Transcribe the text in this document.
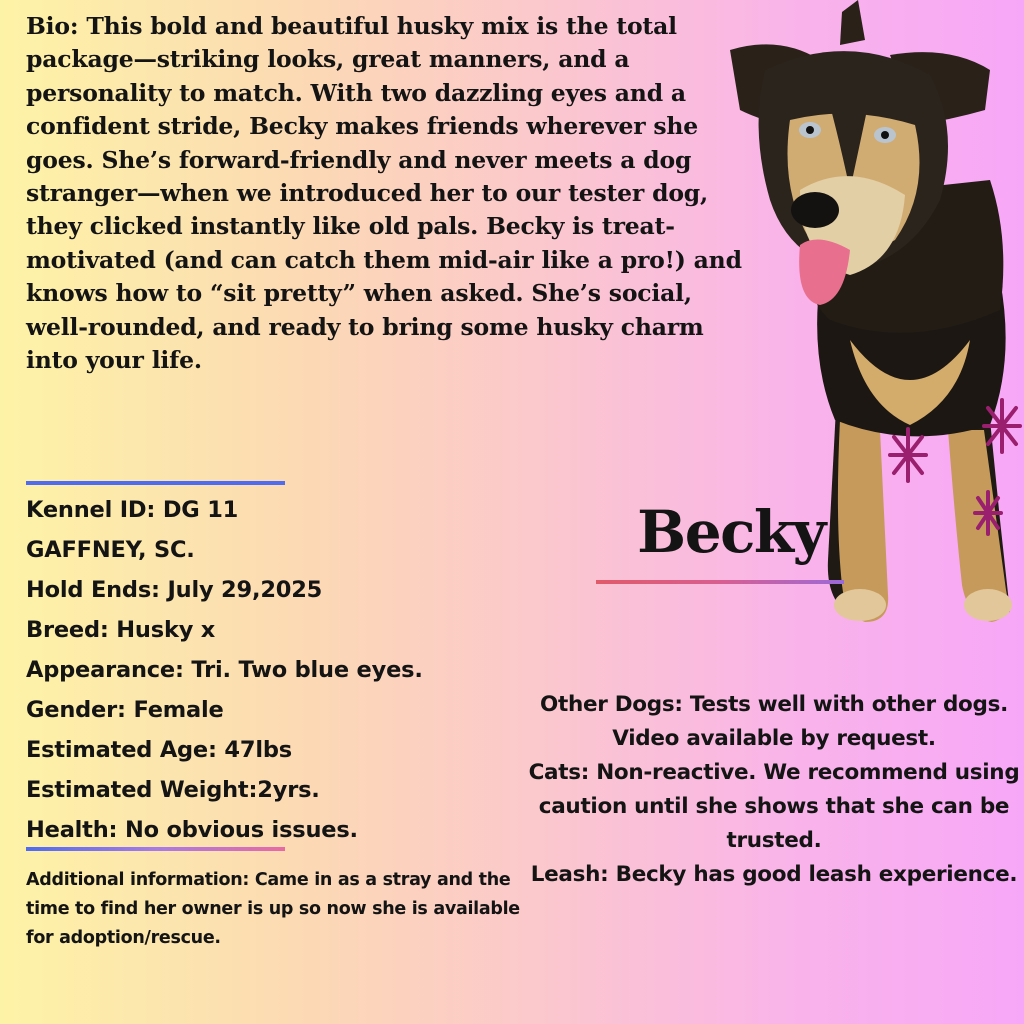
Bio: This bold and beautiful husky mix is the total package—striking looks, great manners, and a personality to match. With two dazzling eyes and a confident stride, Becky makes friends wherever she goes. She’s forward-friendly and never meets a dog stranger—when we introduced her to our tester dog, they clicked instantly like old pals. Becky is treat-motivated (and can catch them mid-air like a pro!) and knows how to “sit pretty” when asked. She’s social, well-rounded, and ready to bring some husky charm into your life.

Kennel ID: DG 11
GAFFNEY, SC.
Hold Ends: July 29,2025
Breed: Husky x
Appearance: Tri. Two blue eyes.
Gender: Female
Estimated Age: 47lbs
Estimated Weight:2yrs.
Health: No obvious issues.

Additional information: Came in as a stray and the time to find her owner is up so now she is available for adoption/rescue.

Other Dogs: Tests well with other dogs. Video available by request.
Cats: Non-reactive. We recommend using caution until she shows that she can be trusted.
Leash: Becky has good leash experience.
Becky
